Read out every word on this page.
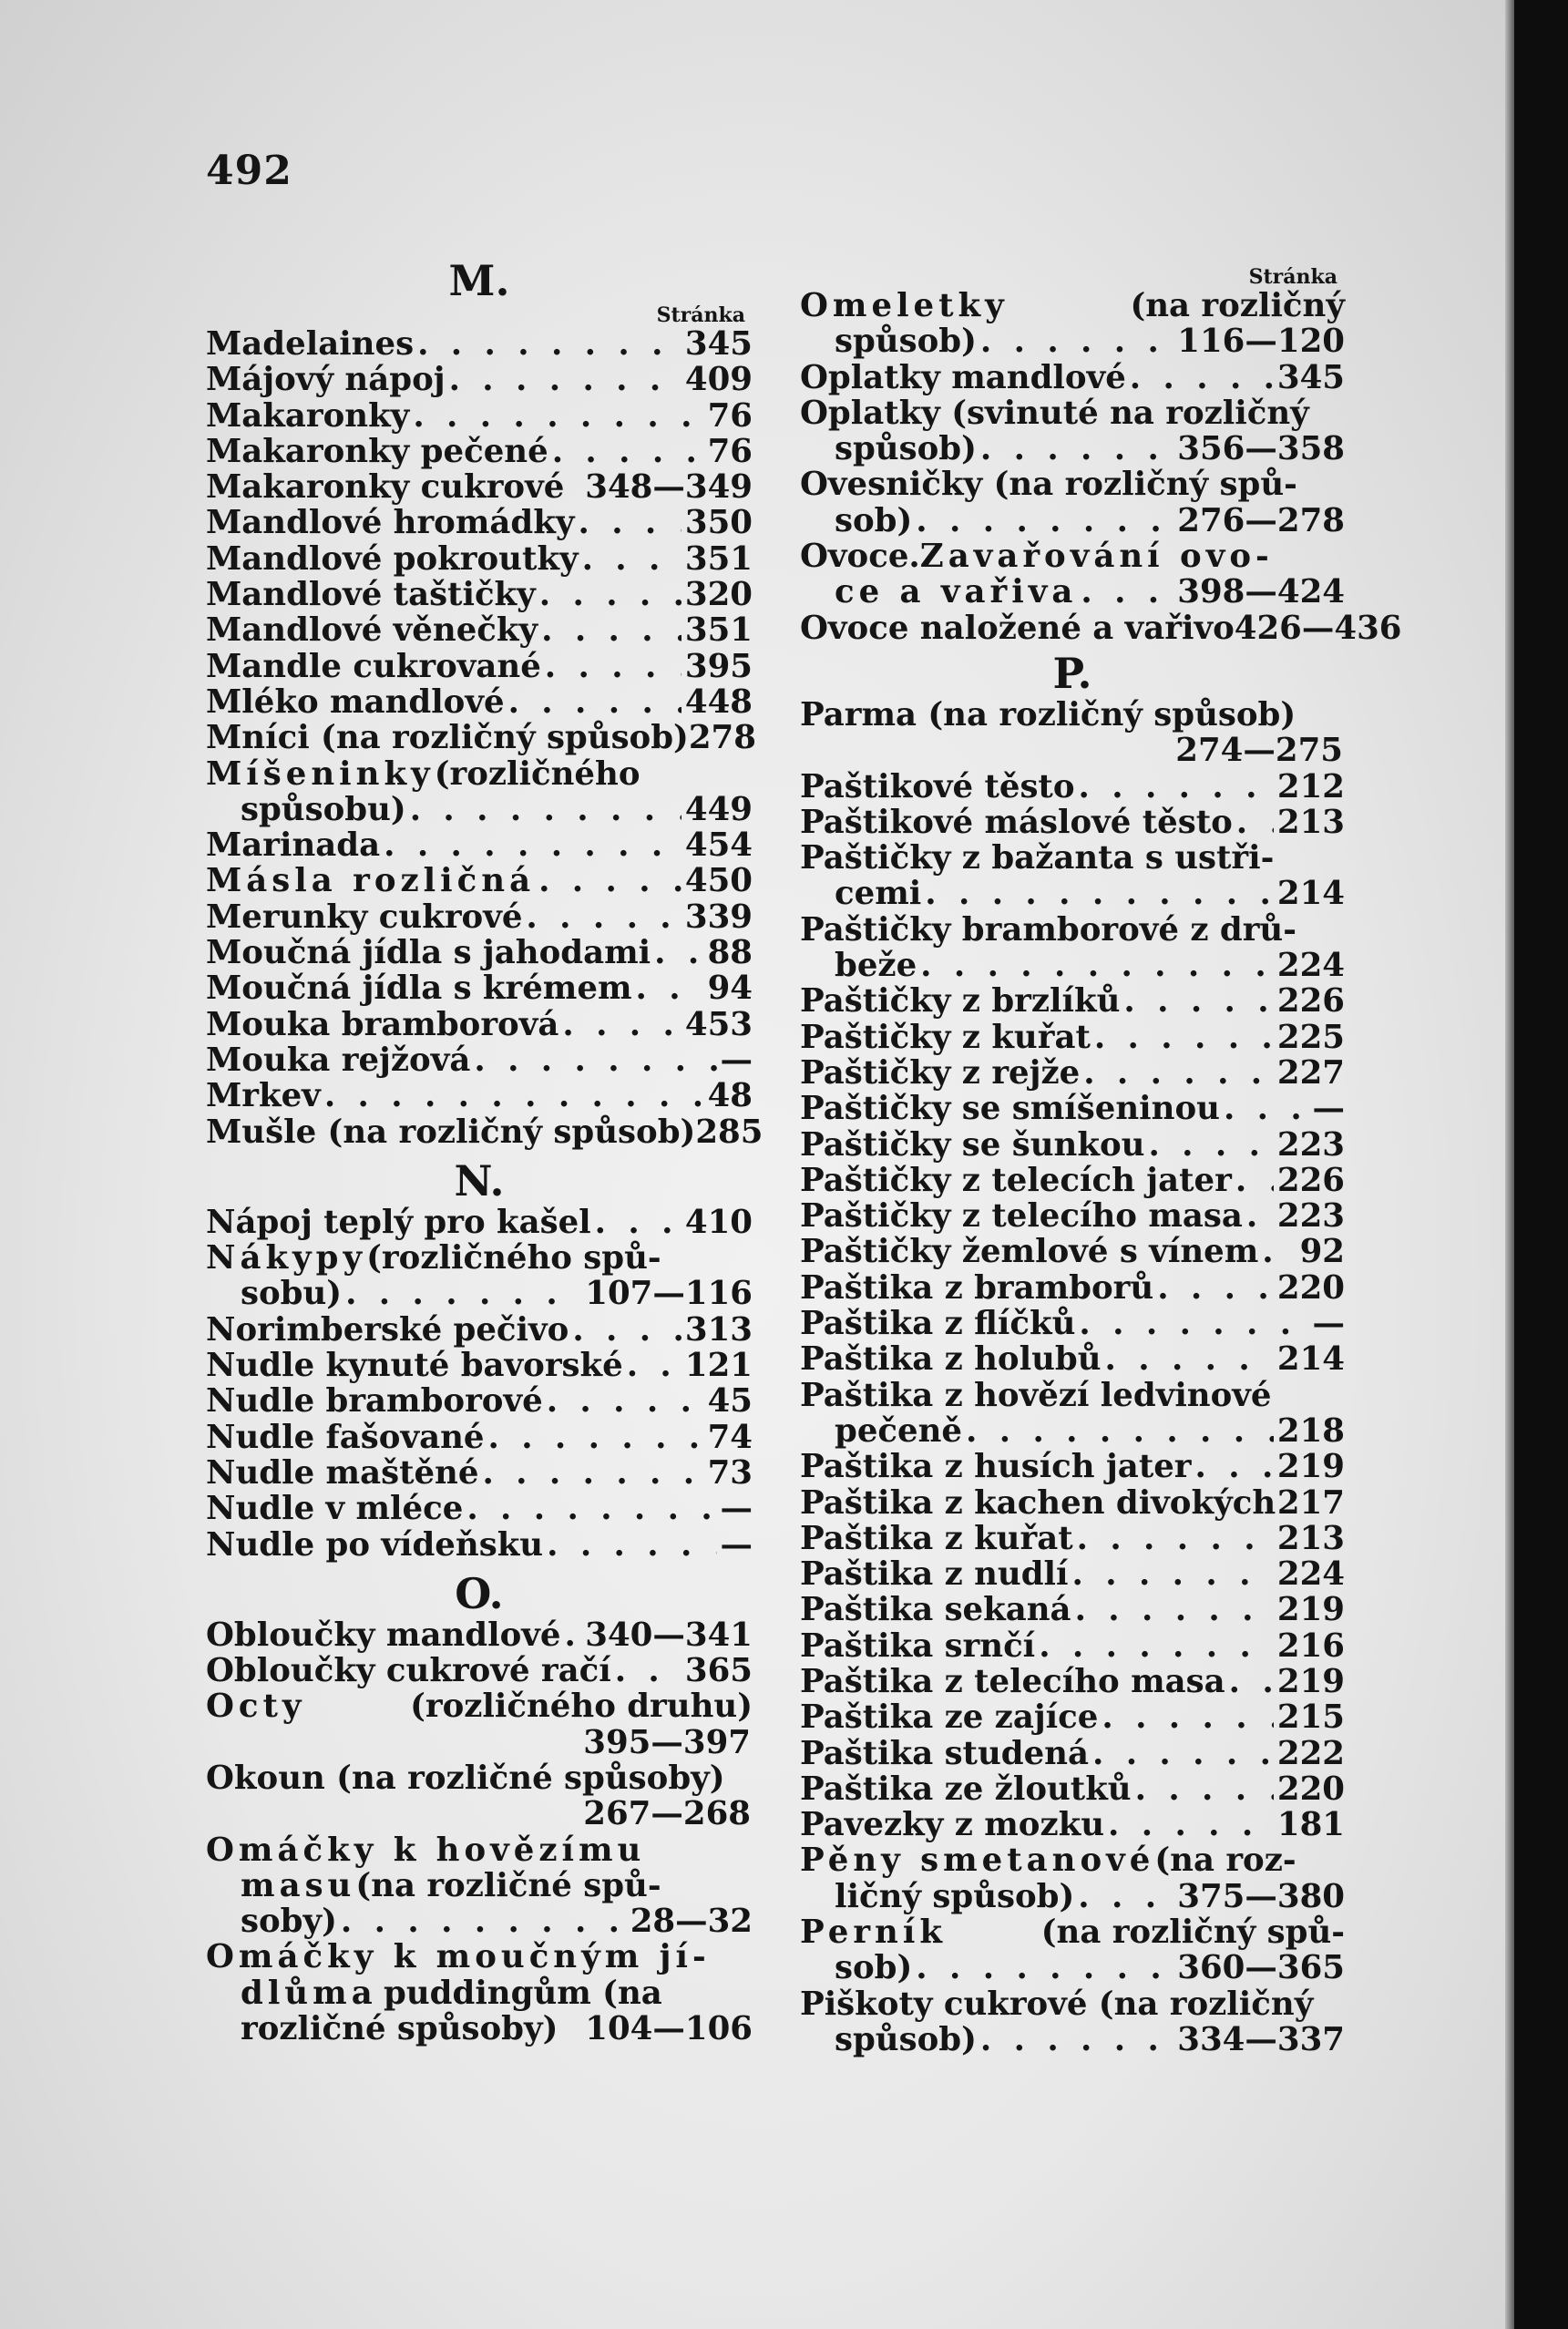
492
M.
Stránka
Madelaines . . .	345
Májový nápoj . . .	409
Makaronky . . .	76
Makaronky pečené . . .	76
Makaronky cukrové 348—349
Mandlové hromádky . . .	350
Mandlové pokroutky . . .	351
Mandlové taštičky . . .	320
Mandlové věnečky . . .	351
Mandle cukrované . . .	395
Mléko mandlové . . .	448
Mníci (na rozličný spůsob) 278
Míšeninky (rozličného
spůsobu) . . .	449
Marinada . . .	454
Másla rozličná . . .	450
Merunky cukrové . . .	339
Moučná jídla s jahodami . . . 88
Moučná jídla s krémem . . . 94
Mouka bramborová . . .	453
Mouka rejžová . . .	—
Mrkev . . .	48
Mušle (na rozličný spůsob) 285
N.
Nápoj teplý pro kašel . . .	410
Nákypy (rozličného spů-
sobu) . . .	107—116
Norimberské pečivo . . .	313
Nudle kynuté bavorské . . . 121
Nudle bramborové . . .	45
Nudle fašované . . .	74
Nudle maštěné . . .	73
Nudle v mléce . . .	—
Nudle po vídeňsku . . .	—
O.
Obloučky mandlové . . . 340—341
Obloučky cukrové račí . . . 365
Octy	(rozličného druhu)
395—397
Okoun (na rozličné spůsoby)
267—268
Omáčky k hovězímu
masu (na rozličné spů-
soby) . . .	28—32
Omáčky k moučným jí-
dlům a puddingům (na
rozličné spůsoby) 104—106
Stránka
Omeletky	(na rozličný
spůsob) . . .	116—120
Oplatky mandlové . . .	345
Oplatky (svinuté na rozličný
spůsob) . . .	356—358
Ovesničky (na rozličný spů-
sob) . . .	276—278
Ovoce. Zavařování ovo-
ce a vařiva . . .	398—424
Ovoce naložené a vařivo 426—436
P.
Parma (na rozličný spůsob)
274—275
Paštikové těsto . . .	212
Paštikové máslové těsto . . . 213
Paštičky z bažanta s ustři-
cemi . . .	214
Paštičky bramborové z drů-
beže . . .	224
Paštičky z brzlíků . . .	226
Paštičky z kuřat . . .	225
Paštičky z rejže . . .	227
Paštičky se smíšeninou . . .	—
Paštičky se šunkou . . .	223
Paštičky z telecích jater . . . 226
Paštičky z telecího masa . . . 223
Paštičky žemlové s vínem . . . 92
Paštika z bramborů . . .	220
Paštika z flíčků . . .	—
Paštika z holubů . . .	214
Paštika z hovězí ledvinové
pečeně . . .	218
Paštika z husích jater . . .	219
Paštika z kachen divokých 217
Paštika z kuřat . . .	213
Paštika z nudlí . . .	224
Paštika sekaná . . .	219
Paštika srnčí . . .	216
Paštika z telecího masa . . . 219
Paštika ze zajíce . . .	215
Paštika studená . . .	222
Paštika ze žloutků . . .	220
Pavezky z mozku . . .	181
Pěny smetanové (na roz-
ličný spůsob) . . .	375—380
Perník	(na rozličný spů-
sob) . . .	360—365
Piškoty cukrové (na rozličný
spůsob) . . .	334—337
